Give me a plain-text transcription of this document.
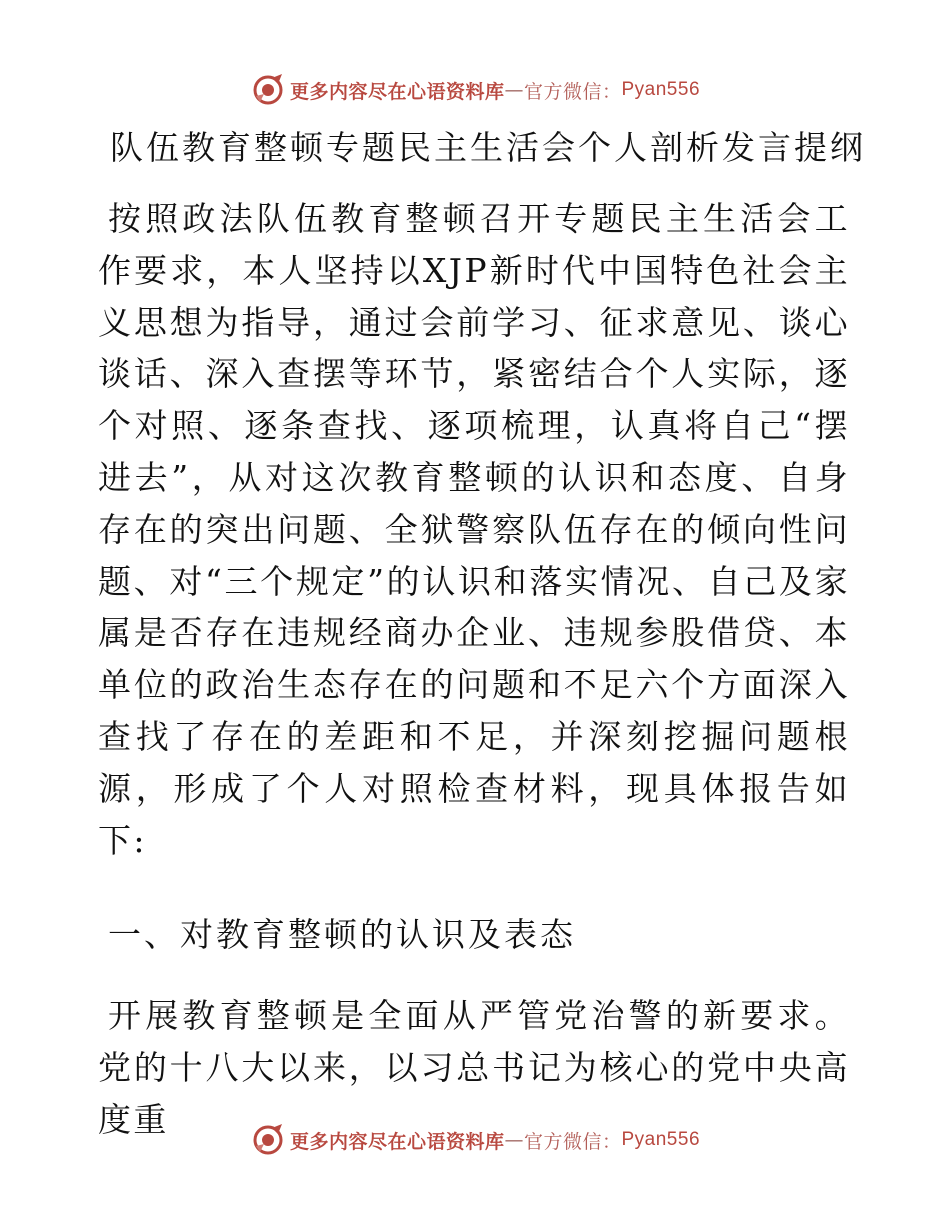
更多内容尽在心语资料库 — 官方微信： Pyan556
队伍教育整顿专题民主生活会个人剖析发言提纲

按照政法队伍教育整顿召开专题民主生活会工作要求，本人坚持以XJP新时代中国特色社会主义思想为指导，通过会前学习、征求意见、谈心谈话、深入查摆等环节，紧密结合个人实际，逐个对照、逐条查找、逐项梳理，认真将自己“摆进去”，从对这次教育整顿的认识和态度、自身存在的突出问题、全狱警察队伍存在的倾向性问题、对“三个规定”的认识和落实情况、自己及家属是否存在违规经商办企业、违规参股借贷、本单位的政治生态存在的问题和不足六个方面深入查找了存在的差距和不足，并深刻挖掘问题根源，形成了个人对照检查材料，现具体报告如下:

一、对教育整顿的认识及表态

开展教育整顿是全面从严管党治警的新要求。党的十八大以来，以习总书记为核心的党中央高度重

更多内容尽在心语资料库 — 官方微信： Pyan556
